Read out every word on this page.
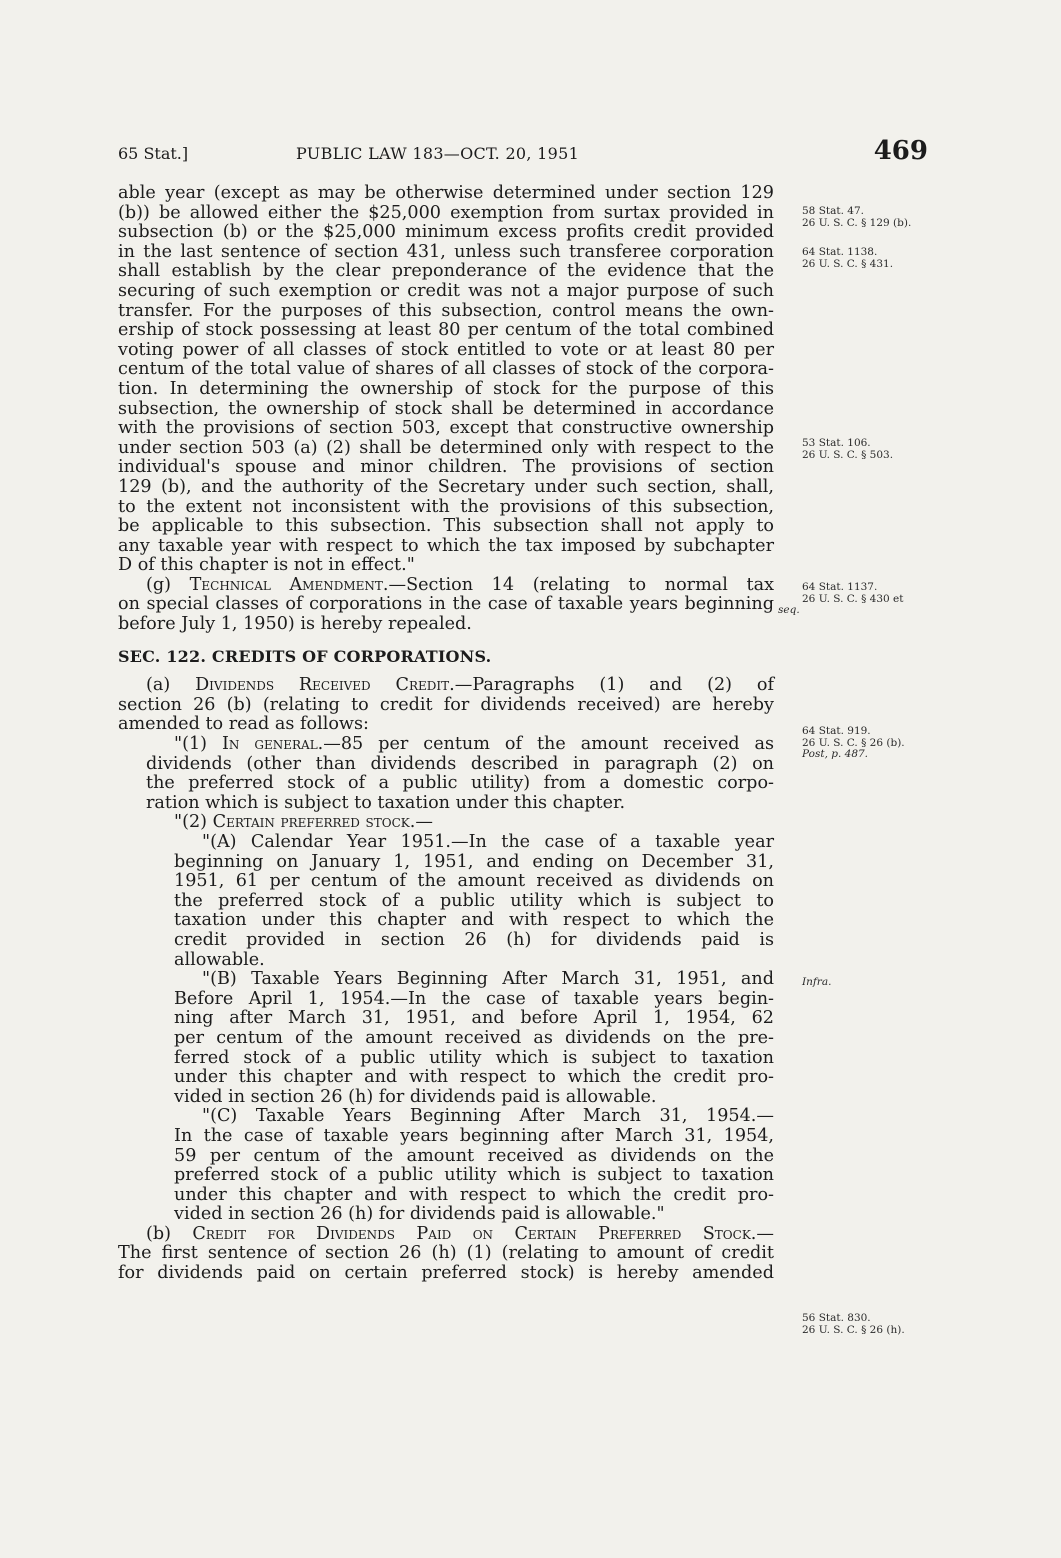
65 Stat.]	PUBLIC LAW 183—OCT. 20, 1951	469

able year (except as may be otherwise determined under section 129
(b)) be allowed either the $25,000 exemption from surtax provided in
subsection (b) or the $25,000 minimum excess profits credit provided
in the last sentence of section 431, unless such transferee corporation
shall establish by the clear preponderance of the evidence that the
securing of such exemption or credit was not a major purpose of such
transfer. For the purposes of this subsection, control means the own-
ership of stock possessing at least 80 per centum of the total combined
voting power of all classes of stock entitled to vote or at least 80 per
centum of the total value of shares of all classes of stock of the corpora-
tion. In determining the ownership of stock for the purpose of this
subsection, the ownership of stock shall be determined in accordance
with the provisions of section 503, except that constructive ownership
under section 503 (a) (2) shall be determined only with respect to the
individual's spouse and minor children. The provisions of section
129 (b), and the authority of the Secretary under such section, shall,
to the extent not inconsistent with the provisions of this subsection,
be applicable to this subsection. This subsection shall not apply to
any taxable year with respect to which the tax imposed by subchapter
D of this chapter is not in effect."

(g) Technical Amendment.—Section 14 (relating to normal tax
on special classes of corporations in the case of taxable years beginning
before July 1, 1950) is hereby repealed.

SEC. 122. CREDITS OF CORPORATIONS.

(a) Dividends Received Credit.—Paragraphs (1) and (2) of
section 26 (b) (relating to credit for dividends received) are hereby
amended to read as follows:

"(1) In general.—85 per centum of the amount received as
dividends (other than dividends described in paragraph (2) on
the preferred stock of a public utility) from a domestic corpo-
ration which is subject to taxation under this chapter.

"(2) Certain preferred stock.—

"(A) Calendar Year 1951.—In the case of a taxable year
beginning on January 1, 1951, and ending on December 31,
1951, 61 per centum of the amount received as dividends on
the preferred stock of a public utility which is subject to
taxation under this chapter and with respect to which the
credit provided in section 26 (h) for dividends paid is
allowable.

"(B) Taxable Years Beginning After March 31, 1951, and
Before April 1, 1954.—In the case of taxable years begin-
ning after March 31, 1951, and before April 1, 1954, 62
per centum of the amount received as dividends on the pre-
ferred stock of a public utility which is subject to taxation
under this chapter and with respect to which the credit pro-
vided in section 26 (h) for dividends paid is allowable.

"(C) Taxable Years Beginning After March 31, 1954.—
In the case of taxable years beginning after March 31, 1954,
59 per centum of the amount received as dividends on the
preferred stock of a public utility which is subject to taxation
under this chapter and with respect to which the credit pro-
vided in section 26 (h) for dividends paid is allowable."

(b) Credit for Dividends Paid on Certain Preferred Stock.—
The first sentence of section 26 (h) (1) (relating to amount of credit
for dividends paid on certain preferred stock) is hereby amended

58 Stat. 47.
26 U. S. C. § 129 (b).
64 Stat. 1138.
26 U. S. C. § 431.
53 Stat. 106.
26 U. S. C. § 503.
64 Stat. 1137.
26 U. S. C. § 430 et
seq.
64 Stat. 919.
26 U. S. C. § 26 (b).
Post, p. 487.
Infra.
56 Stat. 830.
26 U. S. C. § 26 (h).
